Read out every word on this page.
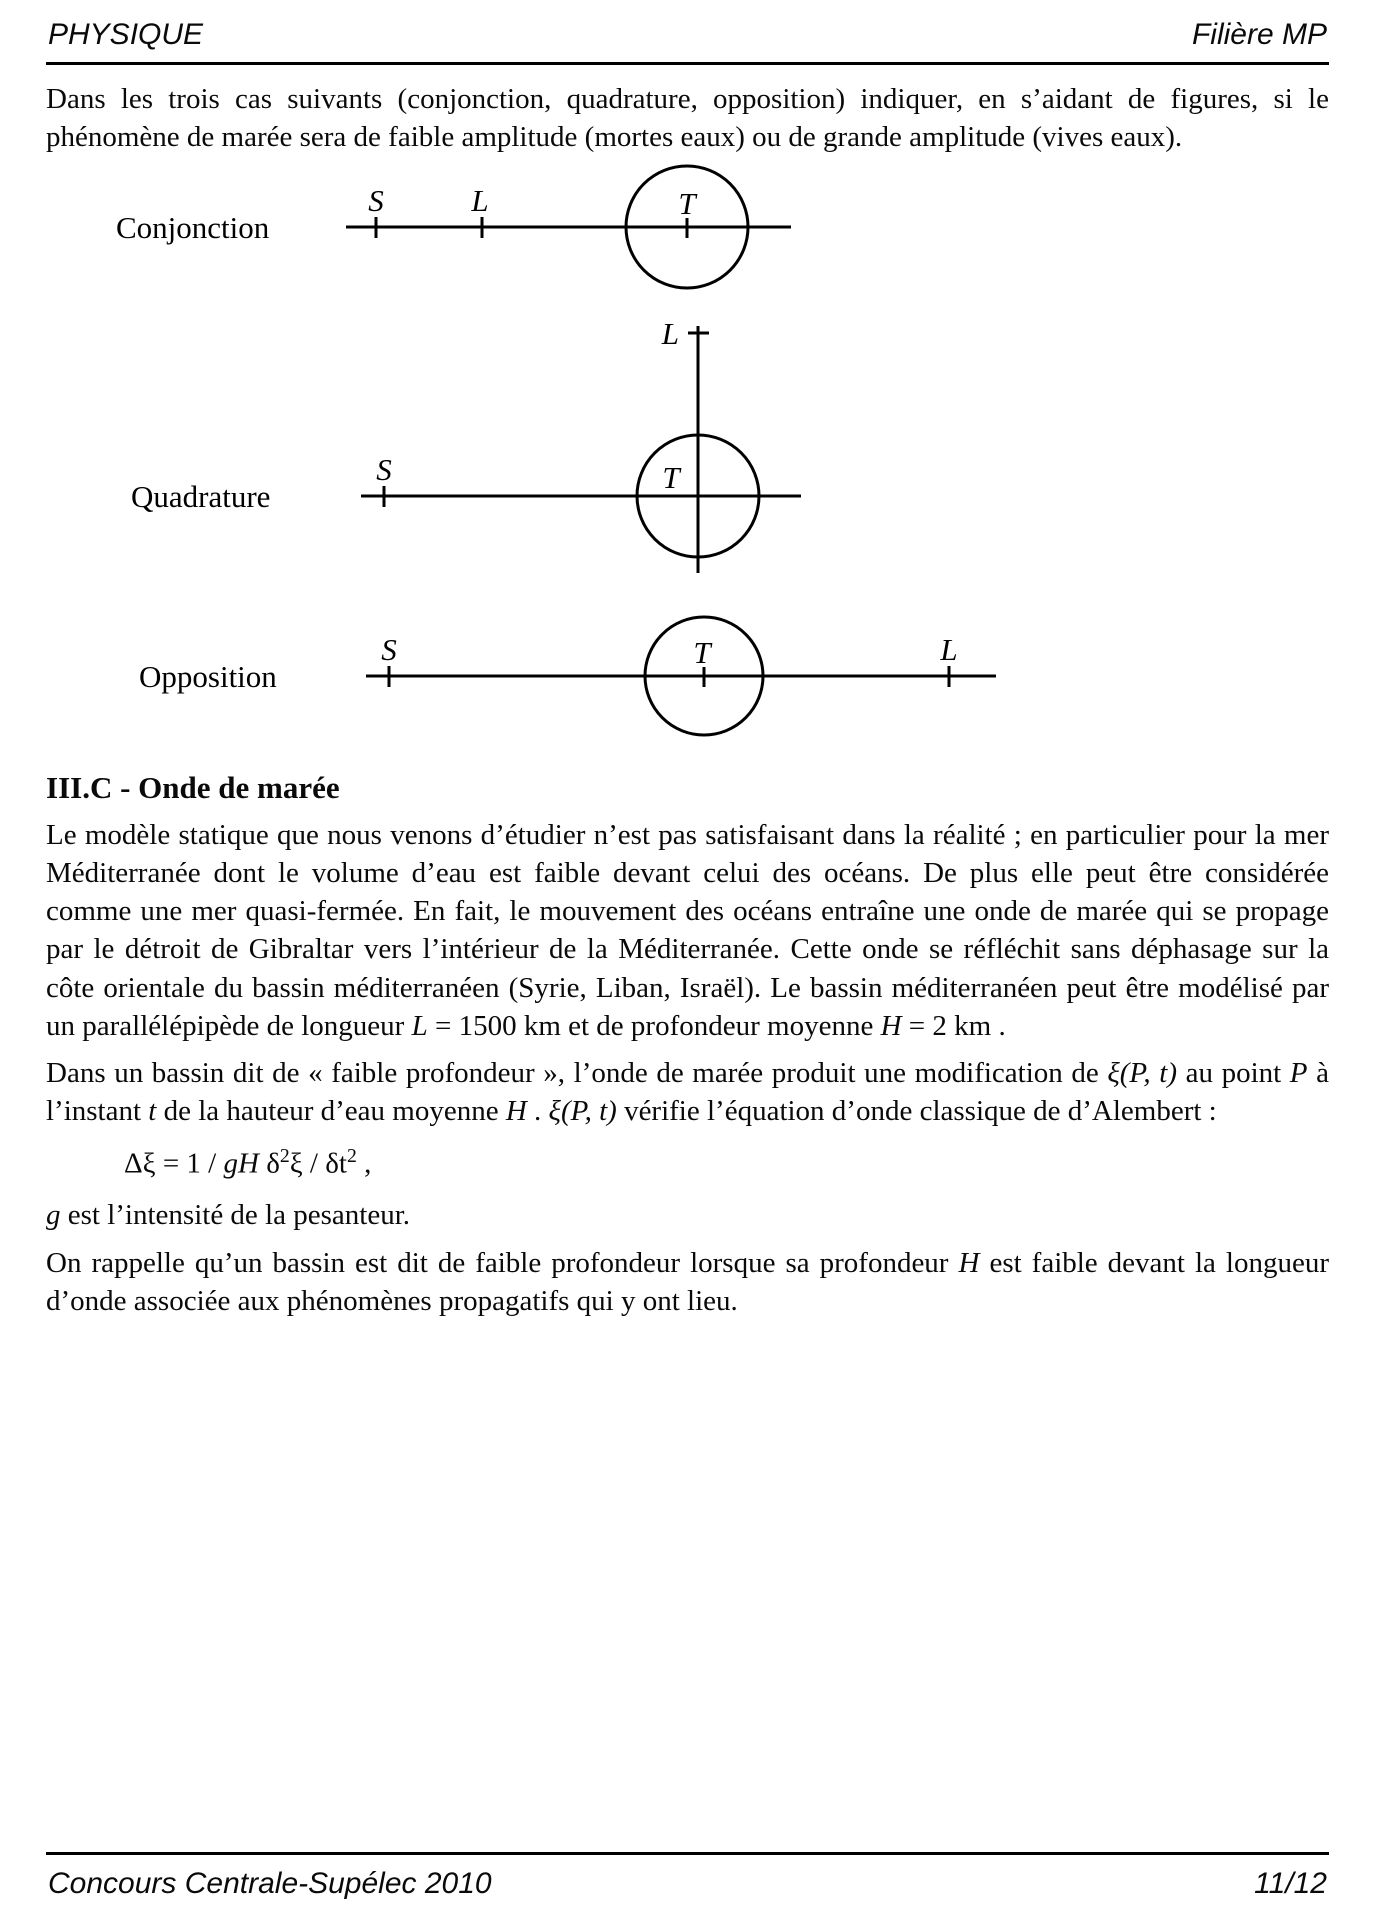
PHYSIQUE	Filière MP

Dans les trois cas suivants (conjonction, quadrature, opposition) indiquer, en s’aidant de figures, si le phénomène de marée sera de faible amplitude (mortes eaux) ou de grande amplitude (vives eaux).

Conjonction
S	L	T
Quadrature
S
L
T
Opposition
S	T	L
III.C - Onde de marée

Le modèle statique que nous venons d’étudier n’est pas satisfaisant dans la réalité ; en particulier pour la mer Méditerranée dont le volume d’eau est faible devant celui des océans. De plus elle peut être considérée comme une mer quasi-fermée. En fait, le mouvement des océans entraîne une onde de marée qui se propage par le détroit de Gibraltar vers l’intérieur de la Méditerranée. Cette onde se réfléchit sans déphasage sur la côte orientale du bassin méditerranéen (Syrie, Liban, Israël). Le bassin méditerranéen peut être modélisé par un parallélépipède de longueur L = 1500 km et de profondeur moyenne H = 2 km .

Dans un bassin dit de « faible profondeur », l’onde de marée produit une modification de ξ(P, t) au point P à l’instant t de la hauteur d’eau moyenne H . ξ(P, t) vérifie l’équation d’onde classique de d’Alembert :

Δξ = 1 / gH $\delta^2\xi / \delta t^2$ ,

g est l’intensité de la pesanteur.

On rappelle qu’un bassin est dit de faible profondeur lorsque sa profondeur H est faible devant la longueur d’onde associée aux phénomènes propagatifs qui y ont lieu.

Concours Centrale-Supélec 2010	11/12
